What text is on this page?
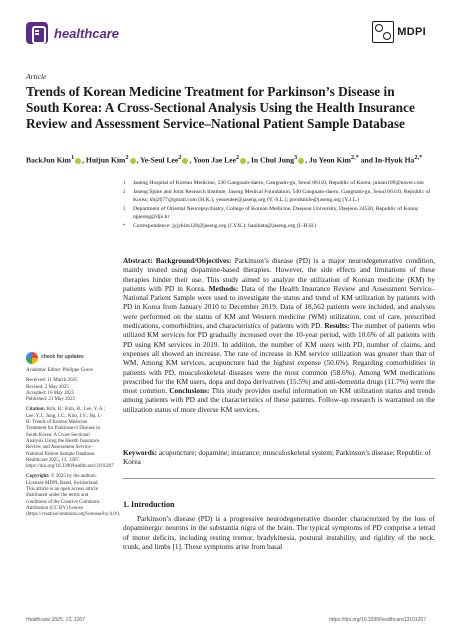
healthcare	MDPI
Article
Trends of Korean Medicine Treatment for Parkinson’s Disease in South Korea: A Cross-Sectional Analysis Using the Health Insurance Review and Assessment Service–National Patient Sample Database
BackJun Kim$^1$ , Huijun Kim$^2$ , Ye-Seul Lee$^2$ , Yoon Jae Lee$^2$ , In Chul Jung$^3$ , Ju Yeon Kim$^{2,*}$ and In-Hyuk $Ha^{2,*}$
1	Jaseng Hospital of Korean Medicine, 536 Gangnam-daero, Gangnam-gu, Seoul 06110, Republic of Korea; junani109@naver.com
2	Jaseng Spine and Joint Research Institute, Jaseng Medical Foundation, 540 Gangnam-daero, Gangnam-gu, Seoul 06110, Republic of Korea; khj2677@gmail.com (H.K.); yesseulee@jaseng.org (Y.-S.L.); goodsmile@jaseng.org (Y.J.L.)
3	Department of Oriental Neuropsychiatry, College of Korean Medicine, Daejeon University, Daejeon 34520, Republic of Korea; npjeong@dju.kr
*	Correspondence: jyjykim128@jaseng.org (J.Y.K.); hanihata@jaseng.org (I.-H.H.)
check for updates
Academic Editor: Philippe Gorce
Received: 11 March 2025
Revised: 2 May 2025
Accepted: 16 May 2025
Published: 21 May 2025
Citation: Kim, B.; Kim, H.; Lee, Y.-S.; Lee, Y.J.; Jung, I.C.; Kim, J.Y.; Ha, I.-H. Trends of Korean Medicine Treatment for Parkinson’s Disease in South Korea: A Cross-Sectional Analysis Using the Health Insurance Review and Assessment Service–National Patient Sample Database. Healthcare 2025, 13, 1207. https://doi.org/10.3390/healthcare13101207
Copyright: © 2025 by the authors. Licensee MDPI, Basel, Switzerland. This article is an open access article distributed under the terms and conditions of the Creative Commons Attribution (CC BY) license (https://creativecommons.org/licenses/by/4.0/).
Abstract: Background/Objectives: Parkinson’s disease (PD) is a major neurodegenerative condition, mainly treated using dopamine-based therapies. However, the side effects and limitations of these therapies hinder their use. This study aimed to analyze the utilization of Korean medicine (KM) by patients with PD in Korea. Methods: Data of the Health Insurance Review and Assessment Service–National Patient Sample were used to investigate the status and trend of KM utilization by patients with PD in Korea from January 2010 to December 2019. Data of 18,562 patients were included, and analyses were performed on the status of KM and Western medicine (WM) utilization, cost of care, prescribed medications, comorbidities, and characteristics of patients with PD. Results: The number of patients who utilized KM services for PD gradually increased over the 10-year period, with 10.6% of all patients with PD using KM services in 2019. In addition, the number of KM users with PD, number of claims, and expenses all showed an increase. The rate of increase in KM service utilization was greater than that of WM. Among KM services, acupuncture had the highest expense (50.6%). Regarding comorbidities in patients with PD, musculoskeletal diseases were the most common (58.6%). Among WM medications prescribed for the KM users, dopa and dopa derivatives (15.5%) and anti-dementia drugs (11.7%) were the most common. Conclusions: This study provides useful information on KM utilization status and trends among patients with PD and the characteristics of these patients. Follow-up research is warranted on the utilization status of more diverse KM services.
Keywords: acupuncture; dopamine; insurance; musculoskeletal system; Parkinson’s disease; Republic of Korea
1. Introduction

Parkinson’s disease (PD) is a progressive neurodegenerative disorder characterized by the loss of dopaminergic neurons in the substantia nigra of the brain. The typical symptoms of PD comprise a tetrad of motor deficits, including resting tremor, bradykinesia, postural instability, and rigidity of the neck, trunk, and limbs [1]. These symptoms arise from basal

Healthcare 2025, 13, 1207	https://doi.org/10.3390/healthcare13101207
